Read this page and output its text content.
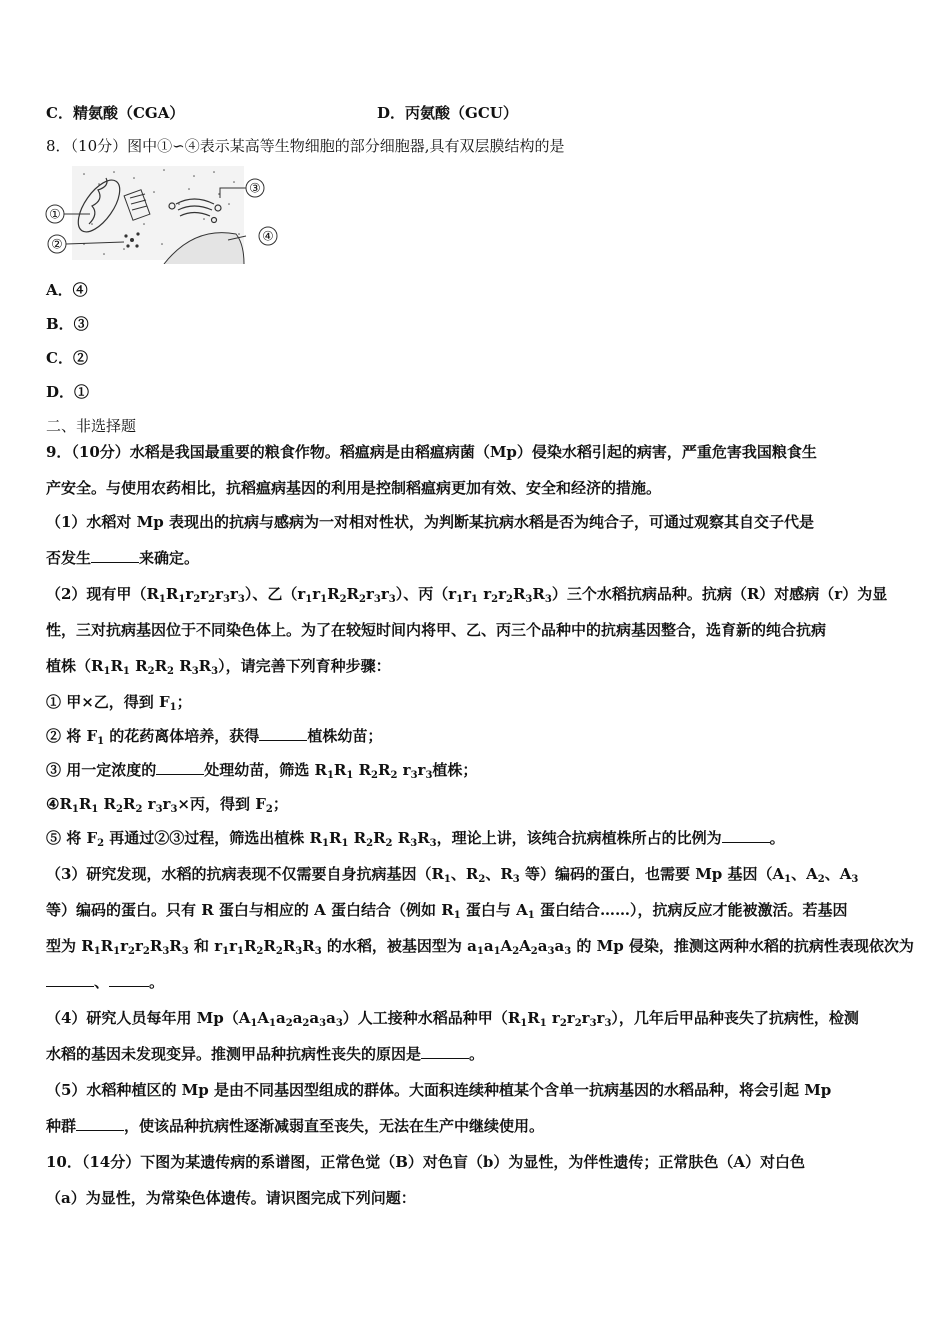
C．精氨酸（CGA）	D．丙氨酸（GCU）
8．（10分）图中①∽④表示某高等生物细胞的部分细胞器,具有双层膜结构的是
①
②
③
④
A．④
B．③
C．②
D．①
二、非选择题
9．（10分）水稻是我国最重要的粮食作物。稻瘟病是由稻瘟病菌（Mp）侵染水稻引起的病害，严重危害我国粮食生
产安全。与使用农药相比，抗稻瘟病基因的利用是控制稻瘟病更加有效、安全和经济的措施。
（1）水稻对 Mp 表现出的抗病与感病为一对相对性状，为判断某抗病水稻是否为纯合子，可通过观察其自交子代是
否发生	来确定。
（2）现有甲$(R_1R_1r_2r_2r_3r_3)$、乙$(r_1r_1R_2R_2r_3r_3)$、丙（$r_1r_1$ $r_2r_2R_3R_3$）三个水稻抗病品种。抗病（R）对感病（r）为显
性，三对抗病基因位于不同染色体上。为了在较短时间内将甲、乙、丙三个品种中的抗病基因整合，选育新的纯合抗病
植株（$R_1R_1$ $R_2R_2$ $R_3R_3$），请完善下列育种步骤：
① 甲×乙，得到 $F_1$；
② 将 $F_1$ 的花药离体培养，获得	植株幼苗；
③ 用一定浓度的	处理幼苗，筛选 $R_1R_1$ $R_2R_2$ $r_3r_3$植株；
$④R_1R_1$ $R_2R_2$ $r_3r_3\times$丙，得到 $F_2$；
⑤ 将 $F_2$ 再通过②③过程，筛选出植株 $R_1R_1$ $R_2R_2$ $R_3R_3$，理论上讲，该纯合抗病植株所占的比例为	。
（3）研究发现，水稻的抗病表现不仅需要自身抗病基因（$R_1$、$R_2$、$R_3$ 等）编码的蛋白，也需要 Mp 基因（$A_1$、$A_2$、$A_3$
等）编码的蛋白。只有 R 蛋白与相应的 A 蛋白结合（例如 $R_1$ 蛋白与 $A_1$ 蛋白结合……），抗病反应才能被激活。若基因
型为 $R_1R_1r_2r_2R_3R_3$ 和 $r_1r_1R_2R_2R_3R_3$ 的水稻，被基因型为 $a_1a_1A_2A_2a_3a_3$ 的 Mp 侵染，推测这两种水稻的抗病性表现依次为
、	。
（4）研究人员每年用 $Mp(A_1A_1a_2a_2a_3a_3)$人工接种水稻品种甲（$R_1R_1$ $r_2r_2r_3r_3$），几年后甲品种丧失了抗病性，检测
水稻的基因未发现变异。推测甲品种抗病性丧失的原因是	。
（5）水稻种植区的 Mp 是由不同基因型组成的群体。大面积连续种植某个含单一抗病基因的水稻品种，将会引起 Mp
种群	，使该品种抗病性逐渐减弱直至丧失，无法在生产中继续使用。
10．（14分）下图为某遗传病的系谱图，正常色觉（B）对色盲（b）为显性，为伴性遗传；正常肤色（A）对白色
（a）为显性，为常染色体遗传。请识图完成下列问题：
